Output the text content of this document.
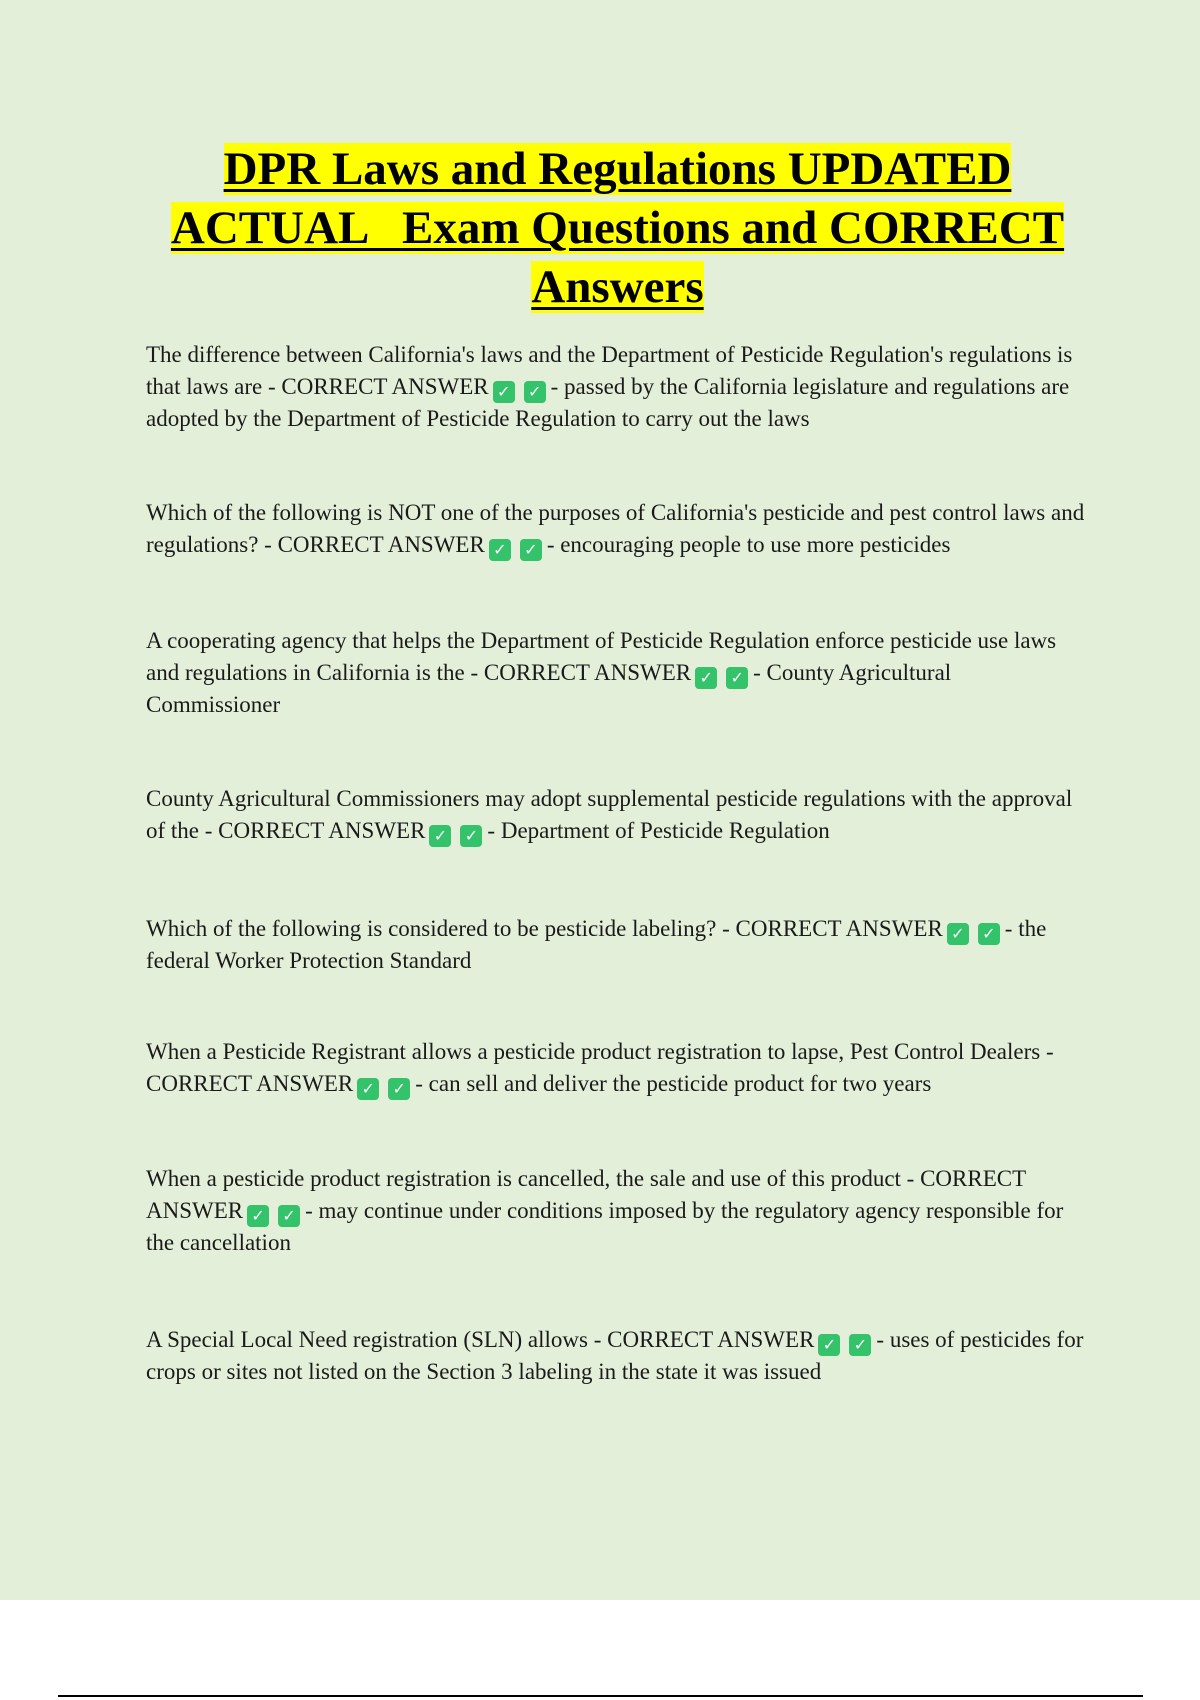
DPR Laws and Regulations UPDATED
ACTUAL   Exam Questions and CORRECT
Answers

The difference between California's laws and the Department of Pesticide Regulation's regulations is that laws are - CORRECT ANSWER ✓ ✓ - passed by the California legislature and regulations are adopted by the Department of Pesticide Regulation to carry out the laws

Which of the following is NOT one of the purposes of California's pesticide and pest control laws and regulations? - CORRECT ANSWER ✓ ✓ - encouraging people to use more pesticides

A cooperating agency that helps the Department of Pesticide Regulation enforce pesticide use laws and regulations in California is the - CORRECT ANSWER ✓ ✓ - County Agricultural Commissioner

County Agricultural Commissioners may adopt supplemental pesticide regulations with the approval of the - CORRECT ANSWER ✓ ✓ - Department of Pesticide Regulation

Which of the following is considered to be pesticide labeling? - CORRECT ANSWER ✓ ✓ - the federal Worker Protection Standard

When a Pesticide Registrant allows a pesticide product registration to lapse, Pest Control Dealers - CORRECT ANSWER ✓ ✓ - can sell and deliver the pesticide product for two years

When a pesticide product registration is cancelled, the sale and use of this product - CORRECT
ANSWER ✓ ✓ - may continue under conditions imposed by the regulatory agency responsible for the cancellation

A Special Local Need registration (SLN) allows - CORRECT ANSWER ✓ ✓ - uses of pesticides for crops or sites not listed on the Section 3 labeling in the state it was issued
